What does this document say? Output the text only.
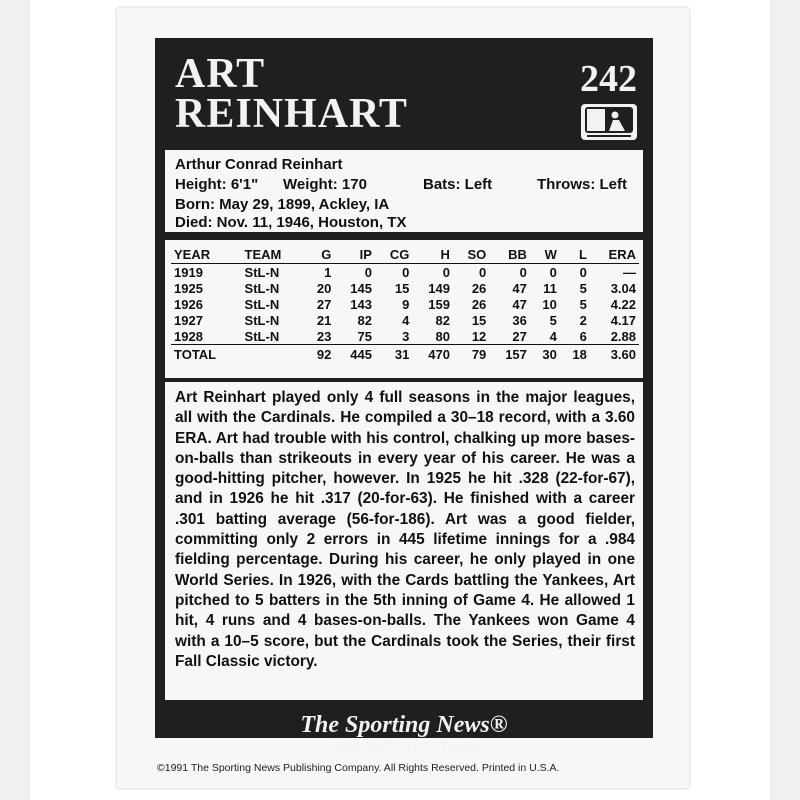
ART
REINHART
242
Arthur Conrad Reinhart
Height: 6'1" Weight: 170	Bats: Left	Throws: Left
Born: May 29, 1899, Ackley, IA
Died: Nov. 11, 1946, Houston, TX
YEAR	TEAM	G	IP	CG	H	SO	BB	W	L	ERA
1919	StL-N	1	0	0	0	0	0	0	0	—
1925	StL-N	20	145	15	149	26	47	11	5	3.04
1926	StL-N	27	143	9	159	26	47	10	5	4.22
1927	StL-N	21	82	4	82	15	36	5	2	4.17
1928	StL-N	23	75	3	80	12	27	4	6	2.88
TOTAL		92	445	31	470	79	157	30	18	3.60

Art Reinhart played only 4 full seasons in the major leagues, all with the Cardinals. He compiled a 30–18 record, with a 3.60 ERA. Art had trouble with his control, chalking up more bases-on-balls than strikeouts in every year of his career. He was a good-hitting pitcher, however. In 1925 he hit .328 (22-for-67), and in 1926 he hit .317 (20-for-63). He finished with a career .301 batting average (56-for-186). Art was a good fielder, committing only 2 errors in 445 lifetime innings for a .984 fielding percentage. During his career, he only played in one World Series. In 1926, with the Cards battling the Yankees, Art pitched to 5 batters in the 5th inning of Game 4. He allowed 1 hit, 4 runs and 4 bases-on-balls. The Yankees won Game 4 with a 10–5 score, but the Cardinals took the Series, their first Fall Classic victory.

The Sporting News®
CONLON COLLECTION®
©1991 The Sporting News Publishing Company. All Rights Reserved. Printed in U.S.A.
